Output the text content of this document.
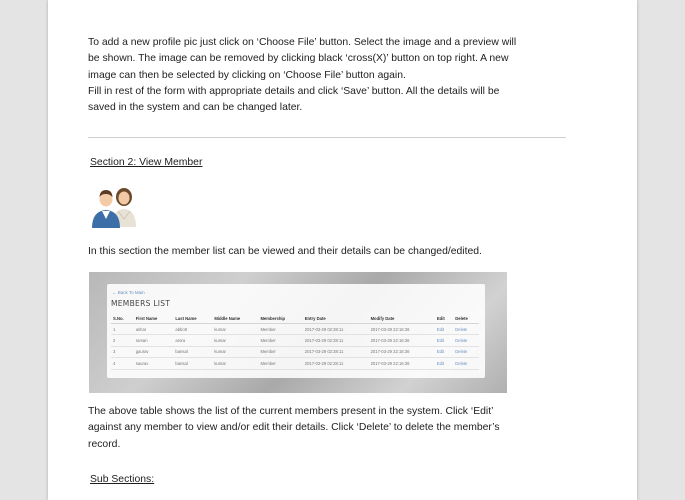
To add a new profile pic just click on ‘Choose File’ button. Select the image and a preview will
be shown. The image can be removed by clicking black ‘cross(X)’ button on top right. A new
image can then be selected by clicking on ‘Choose File’ button again.
Fill in rest of the form with appropriate details and click ‘Save’ button. All the details will be
saved in the system and can be changed later.

Section 2: View Member

In this section the member list can be viewed and their details can be changed/edited.

← Back To Main
MEMBERS LIST
S.No.	First Name	Last Name	Middle Name	Membership	Entry Date	Modify Date	Edit	Delete
1	ashar	abbott	kumar	Member	2017-03-29 02:38:11	2017-03-29 22:16:36	Edit	Delete
2	raman	arora	kumar	Member	2017-03-29 02:38:11	2017-03-29 22:16:36	Edit	Delete
3	gaurav	bansal	kumar	Member	2017-03-29 02:38:11	2017-03-29 22:16:36	Edit	Delete
4	saurav	bansal	kumar	Member	2017-03-29 02:38:11	2017-03-29 22:16:36	Edit	Delete

The above table shows the list of the current members present in the system. Click ‘Edit’
against any member to view and/or edit their details. Click ‘Delete’ to delete the member’s
record.

Sub Sections:
